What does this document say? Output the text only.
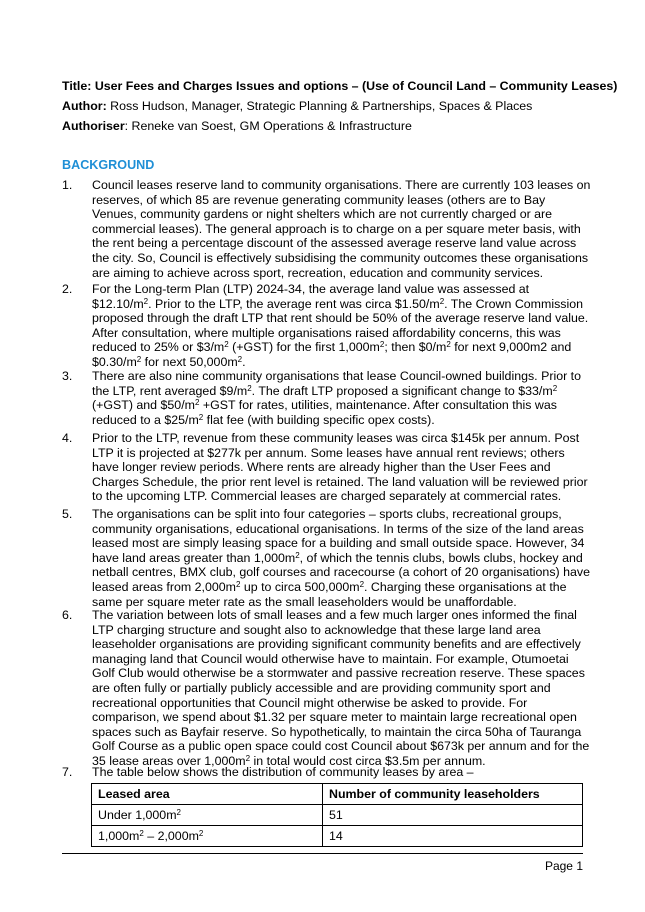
Title: User Fees and Charges Issues and options – (Use of Council Land – Community Leases)
Author: Ross Hudson, Manager, Strategic Planning & Partnerships, Spaces & Places
Authoriser: Reneke van Soest, GM Operations & Infrastructure
BACKGROUND
1.	Council leases reserve land to community organisations. There are currently 103 leases on reserves, of which 85 are revenue generating community leases (others are to Bay Venues, community gardens or night shelters which are not currently charged or are commercial leases). The general approach is to charge on a per square meter basis, with the rent being a percentage discount of the assessed average reserve land value across the city. So, Council is effectively subsidising the community outcomes these organisations are aiming to achieve across sport, recreation, education and community services.
2.	For the Long-term Plan (LTP) 2024-34, the average land value was assessed at $\$12.10/m^2$. Prior to the LTP, the average rent was circa $\$1.50/m^2$. The Crown Commission proposed through the draft LTP that rent should be 50% of the average reserve land value. After consultation, where multiple organisations raised affordability concerns, this was reduced to 25% or $\$3/m^2$ (+GST) for the first $1,000m^2$; then $\$0/m^2$ for next 9,000m2 and $\$0.30/m^2$ for next $50,000m^2$.
3.	There are also nine community organisations that lease Council-owned buildings. Prior to the LTP, rent averaged $\$9/m^2$. The draft LTP proposed a significant change to $\$33/m^2$ (+GST) and $\$50/m^2 +GST$ for rates, utilities, maintenance. After consultation this was reduced to a $\$25/m^2$ flat fee (with building specific opex costs).
4.	Prior to the LTP, revenue from these community leases was circa $145k per annum. Post LTP it is projected at $277k per annum. Some leases have annual rent reviews; others have longer review periods. Where rents are already higher than the User Fees and Charges Schedule, the prior rent level is retained. The land valuation will be reviewed prior to the upcoming LTP. Commercial leases are charged separately at commercial rates.
5.	The organisations can be split into four categories – sports clubs, recreational groups, community organisations, educational organisations. In terms of the size of the land areas leased most are simply leasing space for a building and small outside space. However, 34 have land areas greater than $1,000m^2$, of which the tennis clubs, bowls clubs, hockey and netball centres, BMX club, golf courses and racecourse (a cohort of 20 organisations) have leased areas from $2,000m^2$ up to circa $500,000m^2$. Charging these organisations at the same per square meter rate as the small leaseholders would be unaffordable.
6.	The variation between lots of small leases and a few much larger ones informed the final LTP charging structure and sought also to acknowledge that these large land area leaseholder organisations are providing significant community benefits and are effectively managing land that Council would otherwise have to maintain. For example, Otumoetai Golf Club would otherwise be a stormwater and passive recreation reserve. These spaces are often fully or partially publicly accessible and are providing community sport and recreational opportunities that Council might otherwise be asked to provide. For comparison, we spend about $1.32 per square meter to maintain large recreational open spaces such as Bayfair reserve. So hypothetically, to maintain the circa 50ha of Tauranga Golf Course as a public open space could cost Council about $673k per annum and for the 35 lease areas over $1,000m^2$ in total would cost circa $3.5m per annum.
7.	The table below shows the distribution of community leases by area –
Leased area	Number of community leaseholders
Under $1,000m^2$	51
$1,000m^2 - 2,000m^2$	14
Page 1
